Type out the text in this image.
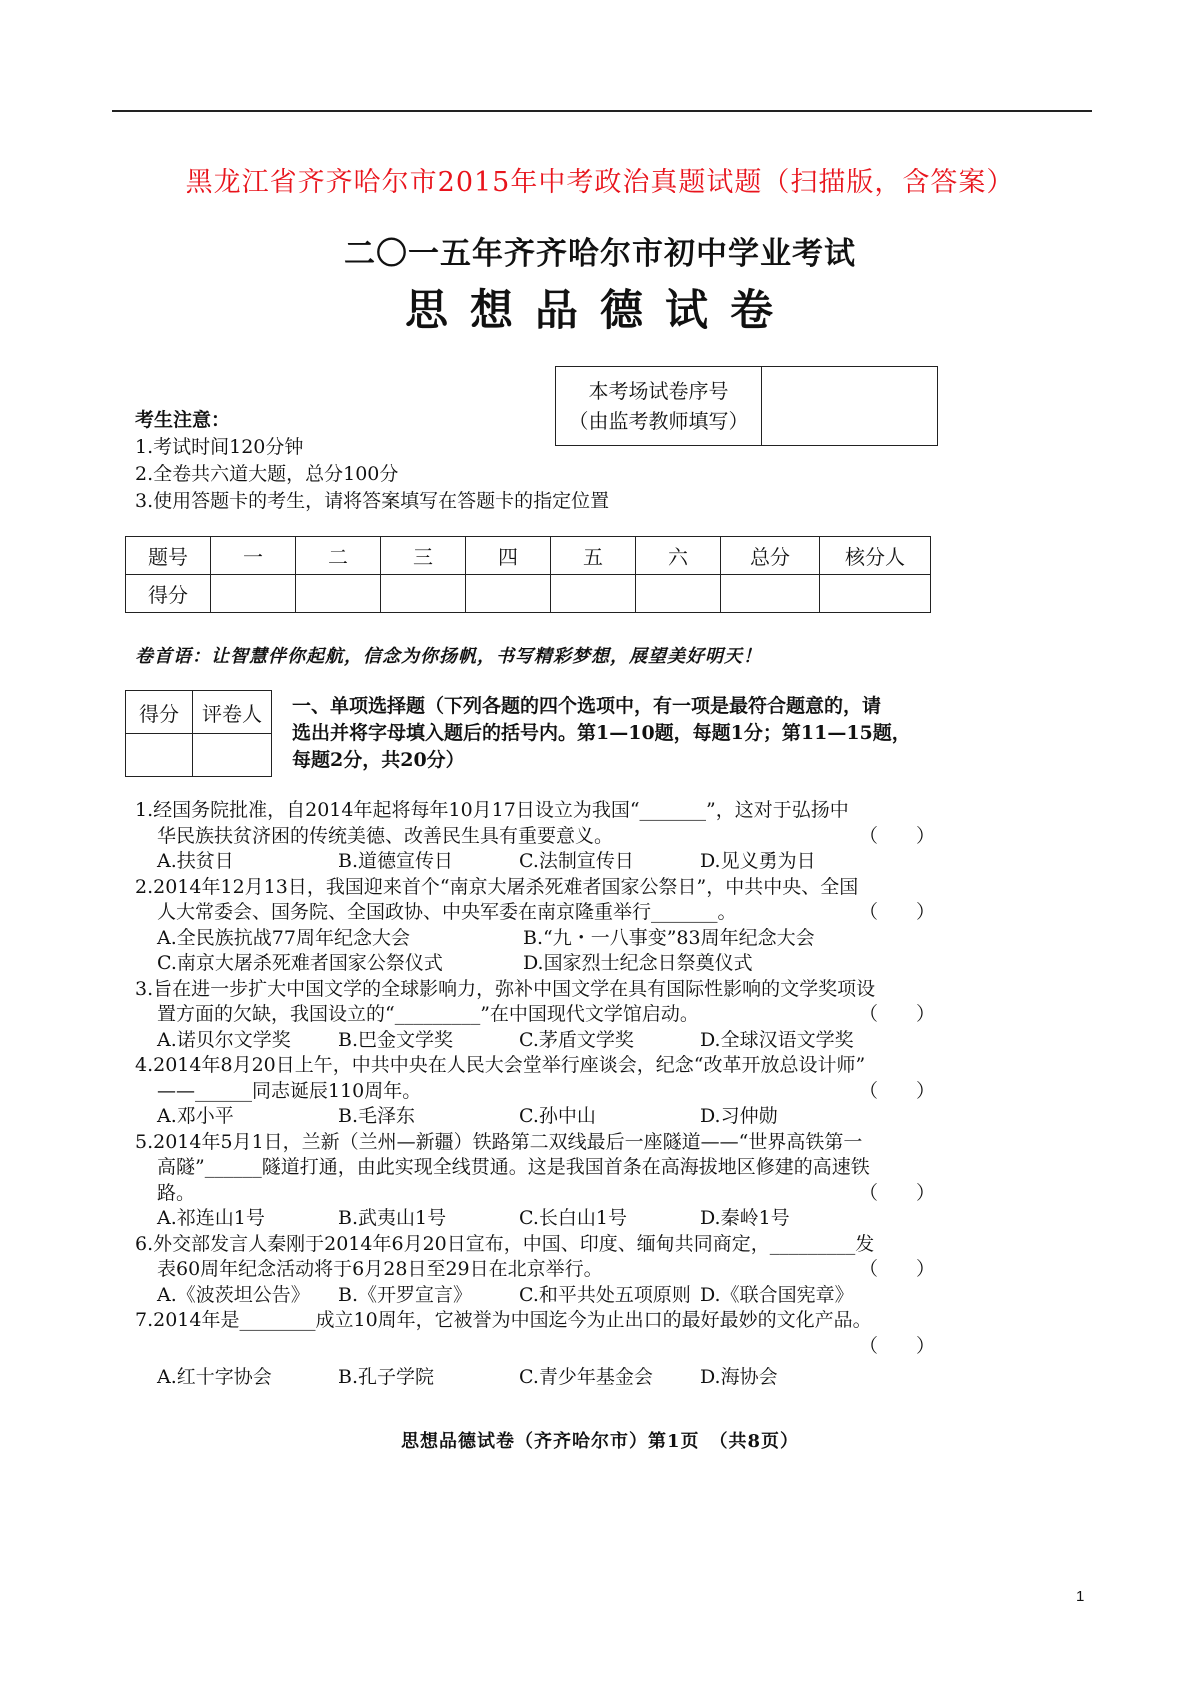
黑龙江省齐齐哈尔市2015年中考政治真题试题（扫描版，含答案）
二〇一五年齐齐哈尔市初中学业考试
思想品德试卷
本考场试卷序号
（由监考教师填写）

考生注意：
1.考试时间120分钟
2.全卷共六道大题，总分100分
3.使用答题卡的考生，请将答案填写在答题卡的指定位置
题号	一	二	三	四	五	六	总分	核分人
得分								
卷首语：让智慧伴你起航，信念为你扬帆，书写精彩梦想，展望美好明天！
得分	评卷人
	一、单项选择题（下列各题的四个选项中，有一项是最符合题意的，请
选出并将字母填入题后的括号内。第1—10题，每题1分；第11—15题，
每题2分，共20分）
1.经国务院批准，自2014年起将每年10月17日设立为我国“_______”，这对于弘扬中
华民族扶贫济困的传统美德、改善民生具有重要意义。	（　　）
A.扶贫日	B.道德宣传日	C.法制宣传日	D.见义勇为日
2.2014年12月13日，我国迎来首个“南京大屠杀死难者国家公祭日”，中共中央、全国
人大常委会、国务院、全国政协、中央军委在南京隆重举行_______。	（　　）
A.全民族抗战77周年纪念大会	B.“九・一八事变”83周年纪念大会
C.南京大屠杀死难者国家公祭仪式	D.国家烈士纪念日祭奠仪式
3.旨在进一步扩大中国文学的全球影响力，弥补中国文学在具有国际性影响的文学奖项设
置方面的欠缺，我国设立的“_________”在中国现代文学馆启动。	（　　）
A.诺贝尔文学奖	B.巴金文学奖	C.茅盾文学奖	D.全球汉语文学奖
4.2014年8月20日上午，中共中央在人民大会堂举行座谈会，纪念“改革开放总设计师”
——______同志诞辰110周年。	（　　）
A.邓小平	B.毛泽东	C.孙中山	D.习仲勋
5.2014年5月1日，兰新（兰州—新疆）铁路第二双线最后一座隧道——“世界高铁第一
高隧”______隧道打通，由此实现全线贯通。这是我国首条在高海拔地区修建的高速铁
路。	（　　）
A.祁连山1号	B.武夷山1号	C.长白山1号	D.秦岭1号
6.外交部发言人秦刚于2014年6月20日宣布，中国、印度、缅甸共同商定，_________发
表60周年纪念活动将于6月28日至29日在北京举行。	（　　）
A.《波茨坦公告》	B.《开罗宣言》	C.和平共处五项原则 D.《联合国宪章》
7.2014年是________成立10周年，它被誉为中国迄今为止出口的最好最妙的文化产品。
（　　）
A.红十字协会	B.孔子学院	C.青少年基金会	D.海协会
思想品德试卷（齐齐哈尔市）第1页　（共8页）
1
